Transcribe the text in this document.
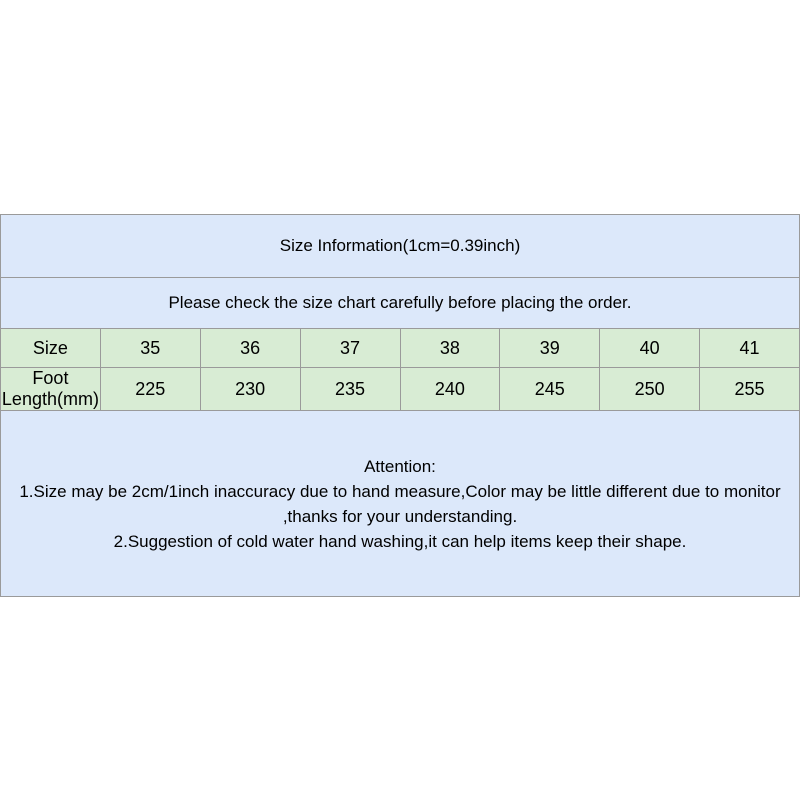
Size Information(1cm=0.39inch)							
Please check the size chart carefully before placing the order.							
Size	35	36	37	38	39	40	41
Foot Length(mm)	225	230	235	240	245	250	255

Attention:
1.Size may be 2cm/1inch inaccuracy due to hand measure,Color may be little different due to monitor
,thanks for your understanding.
2.Suggestion of cold water hand washing,it can help items keep their shape.							
